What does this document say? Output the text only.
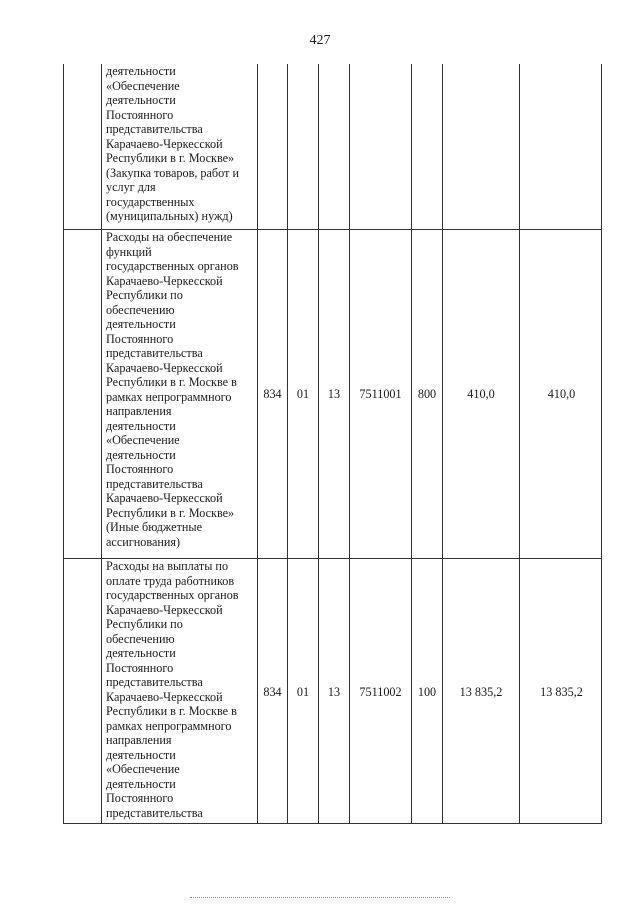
427
деятельности
«Обеспечение
деятельности
Постоянного
представительства
Карачаево-Черкесской
Республики в г. Москве»
(Закупка товаров, работ и
услуг для
государственных
(муниципальных) нужд)
Расходы на обеспечение
функций
государственных органов
Карачаево-Черкесской
Республики по
обеспечению
деятельности
Постоянного
представительства
Карачаево-Черкесской
Республики в г. Москве в
рамках непрограммного
направления
деятельности
«Обеспечение
деятельности
Постоянного
представительства
Карачаево-Черкесской
Республики в г. Москве»
(Иные бюджетные
ассигнования)
834	01	13	7511001	800	410,0	410,0
Расходы на выплаты по
оплате труда работников
государственных органов
Карачаево-Черкесской
Республики по
обеспечению
деятельности
Постоянного
представительства
Карачаево-Черкесской
Республики в г. Москве в
рамках непрограммного
направления
деятельности
«Обеспечение
деятельности
Постоянного
представительства
834	01	13	7511002	100	13 835,2	13 835,2
